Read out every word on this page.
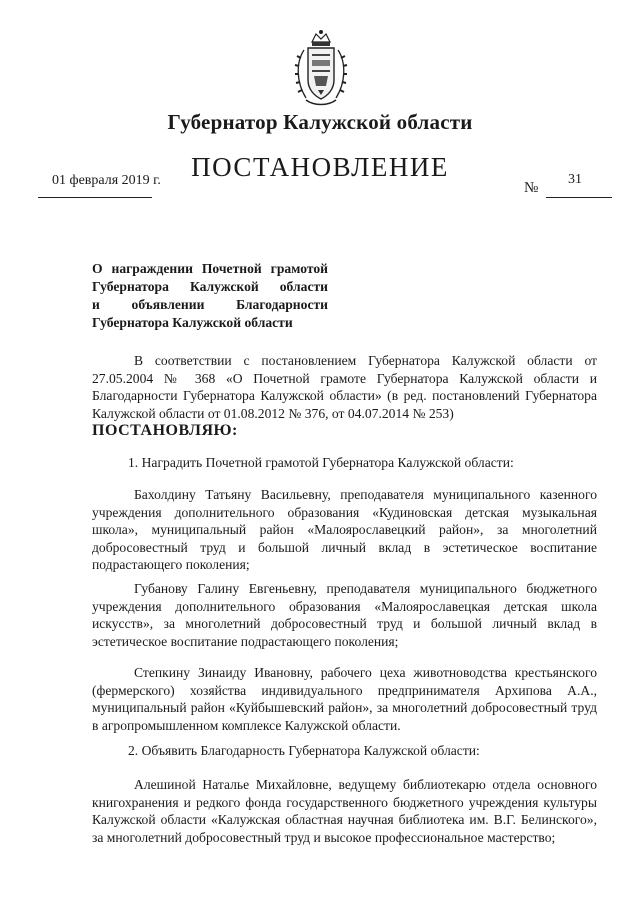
Губернатор Калужской области
ПОСТАНОВЛЕНИЕ
01 февраля 2019 г.	31
№
О награждении Почетной грамотой
Губернатора Калужской области
и объявлении Благодарности
Губернатора Калужской области

В соответствии с постановлением Губернатора Калужской области от 27.05.2004 № 368 «О Почетной грамоте Губернатора Калужской области и Благодарности Губернатора Калужской области» (в ред. постановлений Губернатора Калужской области от 01.08.2012 № 376, от 04.07.2014 № 253)

ПОСТАНОВЛЯЮ:

1. Наградить Почетной грамотой Губернатора Калужской области:

Бахолдину Татьяну Васильевну, преподавателя муниципального казенного учреждения дополнительного образования «Кудиновская детская музыкальная школа», муниципальный район «Малоярославецкий район», за многолетний добросовестный труд и большой личный вклад в эстетическое воспитание подрастающего поколения;

Губанову Галину Евгеньевну, преподавателя муниципального бюджетного учреждения дополнительного образования «Малоярославецкая детская школа искусств», за многолетний добросовестный труд и большой личный вклад в эстетическое воспитание подрастающего поколения;

Степкину Зинаиду Ивановну, рабочего цеха животноводства крестьянского (фермерского) хозяйства индивидуального предпринимателя Архипова А.А., муниципальный район «Куйбышевский район», за многолетний добросовестный труд в агропромышленном комплексе Калужской области.

2. Объявить Благодарность Губернатора Калужской области:

Алешиной Наталье Михайловне, ведущему библиотекарю отдела основного книгохранения и редкого фонда государственного бюджетного учреждения культуры Калужской области «Калужская областная научная библиотека им. В.Г. Белинского», за многолетний добросовестный труд и высокое профессиональное мастерство;
